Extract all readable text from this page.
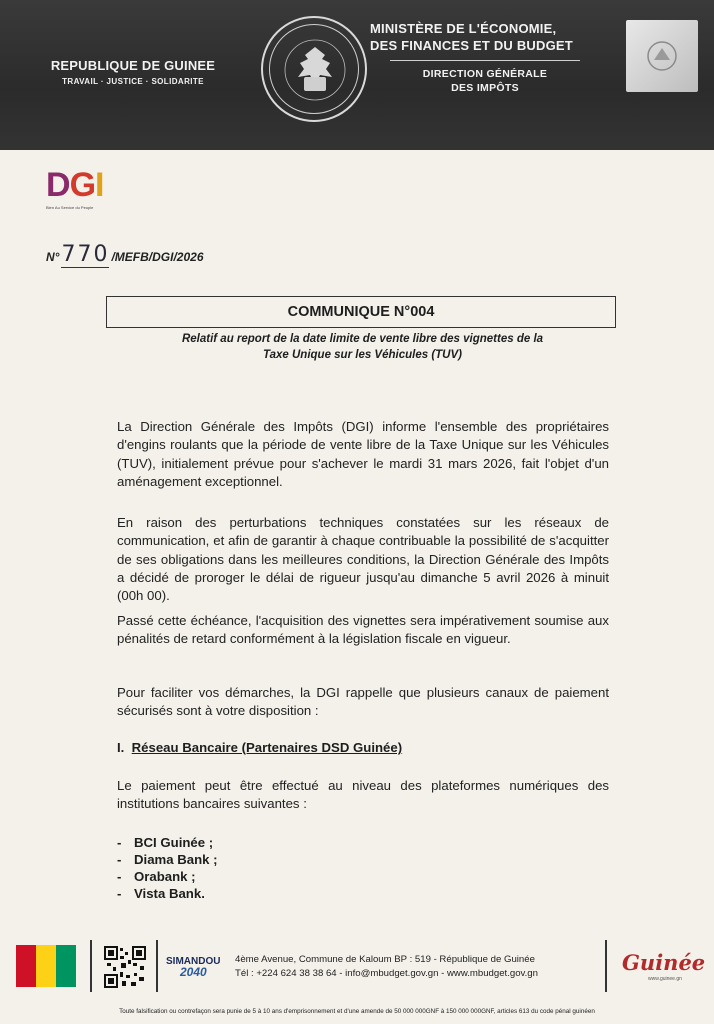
REPUBLIQUE DE GUINEE
TRAVAIL · JUSTICE · SOLIDARITE
MINISTÈRE DE L'ÉCONOMIE,
DES FINANCES ET DU BUDGET
DIRECTION GÉNÉRALE
DES IMPÔTS
DGI
Bien Au Service du Peuple
N°770 /MEFB/DGI/2026
COMMUNIQUE N°004
Relatif au report de la date limite de vente libre des vignettes de la
Taxe Unique sur les Véhicules (TUV)

La Direction Générale des Impôts (DGI) informe l'ensemble des propriétaires d'engins roulants que la période de vente libre de la Taxe Unique sur les Véhicules (TUV), initialement prévue pour s'achever le mardi 31 mars 2026, fait l'objet d'un aménagement exceptionnel.

En raison des perturbations techniques constatées sur les réseaux de communication, et afin de garantir à chaque contribuable la possibilité de s'acquitter de ses obligations dans les meilleures conditions, la Direction Générale des Impôts a décidé de proroger le délai de rigueur jusqu'au dimanche 5 avril 2026 à minuit (00h 00).

Passé cette échéance, l'acquisition des vignettes sera impérativement soumise aux pénalités de retard conformément à la législation fiscale en vigueur.

Pour faciliter vos démarches, la DGI rappelle que plusieurs canaux de paiement sécurisés sont à votre disposition :

I. Réseau Bancaire (Partenaires DSD Guinée)

Le paiement peut être effectué au niveau des plateformes numériques des institutions bancaires suivantes :

- BCI Guinée ;
- Diama Bank ;
- Orabank ;
- Vista Bank.
SIMANDOU
2040
4ème Avenue, Commune de Kaloum BP : 519 - République de Guinée
Tél : +224 624 38 38 64 - info@mbudget.gov.gn - www.mbudget.gov.gn	Guinée
www.guinee.gn
Toute falsification ou contrefaçon sera punie de 5 à 10 ans d'emprisonnement et d'une amende de 50 000 000GNF à 150 000 000GNF, articles 613 du code pénal guinéen
